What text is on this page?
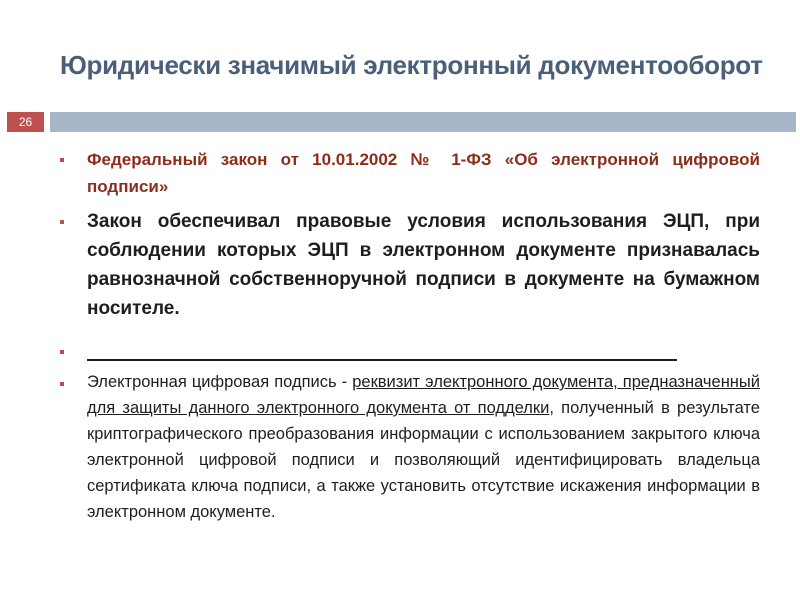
Юридически значимый электронный документооборот
26
Федеральный закон от 10.01.2002 № 1-ФЗ «Об электронной цифровой подписи»
Закон обеспечивал правовые условия использования ЭЦП, при соблюдении которых ЭЦП в электронном документе признавалась равнозначной собственноручной подписи в документе на бумажном носителе.
Электронная цифровая подпись - реквизит электронного документа, предназначенный для защиты данного электронного документа от подделки, полученный в результате криптографического преобразования информации с использованием закрытого ключа электронной цифровой подписи и позволяющий идентифицировать владельца сертификата ключа подписи, а также установить отсутствие искажения информации в электронном документе.
